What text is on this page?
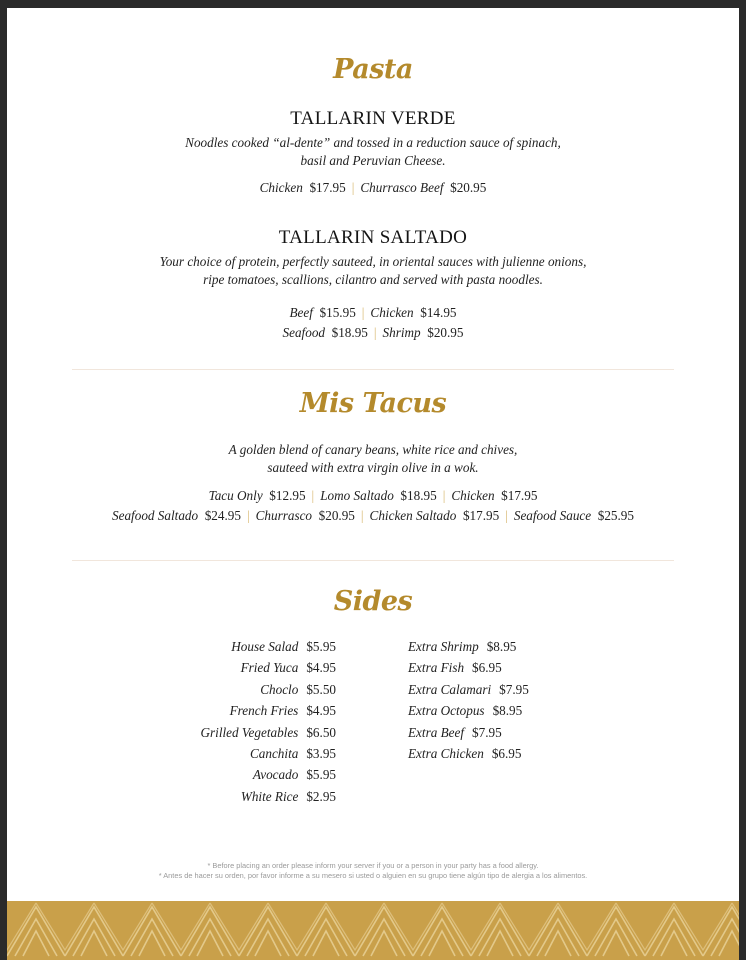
Pasta
TALLARIN VERDE
Noodles cooked “al-dente” and tossed in a reduction sauce of spinach,
basil and Peruvian Cheese.
Chicken  $17.95 | Churrasco Beef  $20.95
TALLARIN SALTADO
Your choice of protein, perfectly sauteed, in oriental sauces with julienne onions,
ripe tomatoes, scallions, cilantro and served with pasta noodles.
Beef  $15.95 | Chicken  $14.95
Seafood  $18.95 | Shrimp  $20.95
Mis Tacus
A golden blend of canary beans, white rice and chives,
sauteed with extra virgin olive in a wok.
Tacu Only  $12.95 | Lomo Saltado  $18.95 | Chicken  $17.95
Seafood Saltado  $24.95 | Churrasco  $20.95 | Chicken Saltado  $17.95 | Seafood Sauce  $25.95
Sides
House Salad $5.95
Fried Yuca $4.95
Choclo $5.50
French Fries $4.95
Grilled Vegetables $6.50
Canchita $3.95
Avocado $5.95
White Rice $2.95
Extra Shrimp $8.95
Extra Fish $6.95
Extra Calamari $7.95
Extra Octopus $8.95
Extra Beef $7.95
Extra Chicken $6.95
* Before placing an order please inform your server if you or a person in your party has a food allergy.
* Antes de hacer su orden, por favor informe a su mesero si usted o alguien en su grupo tiene algún tipo de alergia a los alimentos.
